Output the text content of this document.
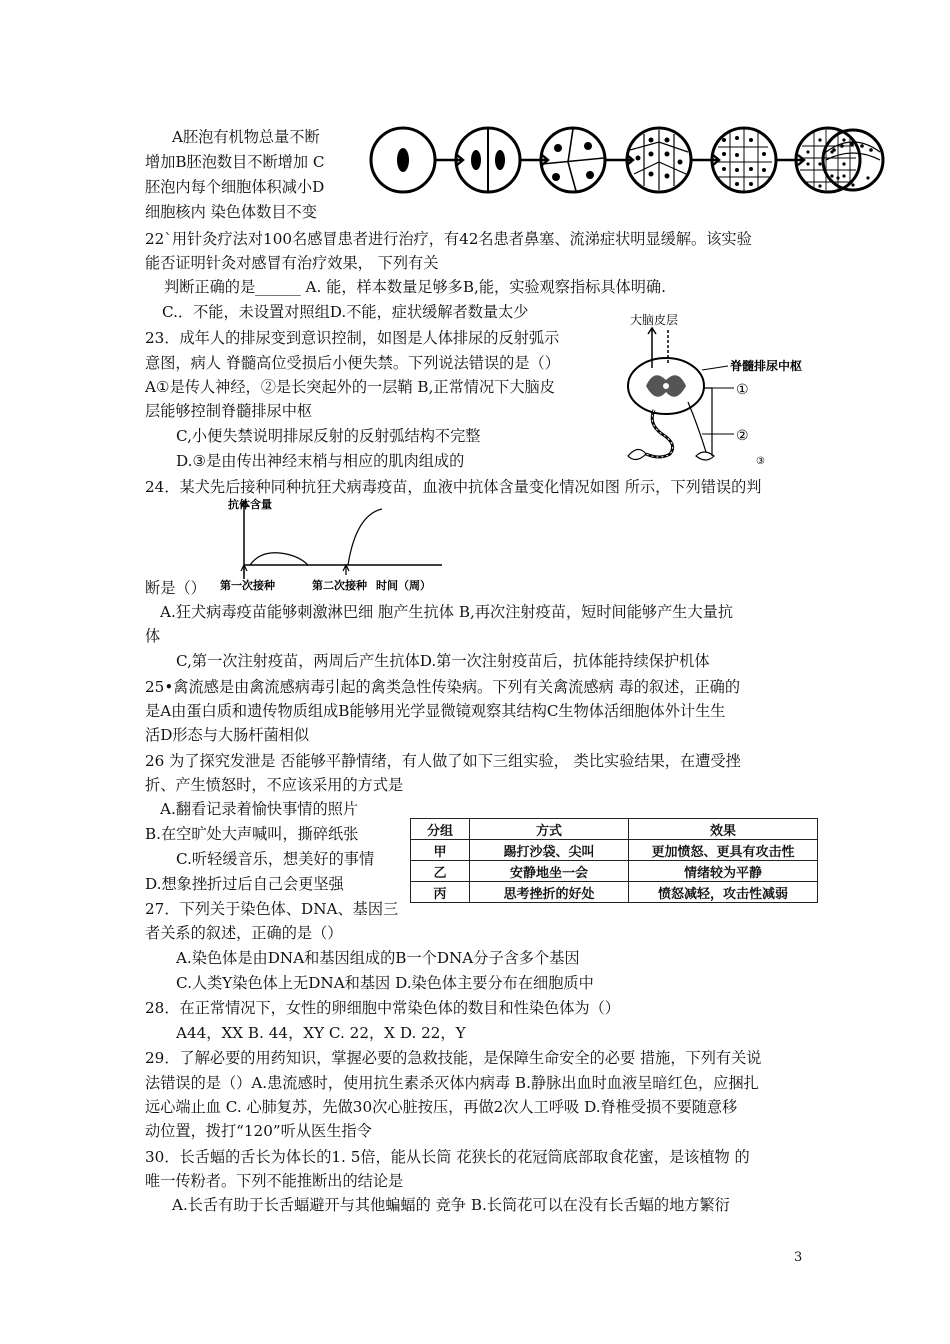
A胚泡有机物总量不断
增加B胚泡数目不断增加 C
胚泡内每个细胞体积减小D
细胞核内 染色体数目不变
22`用针灸疗法对100名感冒患者进行治疗，有42名患者鼻塞、流涕症状明显缓解。该实验
能否证明针灸对感冒有治疗效果， 下列有关
判断正确的是______ A. 能，样本数量足够多B,能，实验观察指标具体明确.
C.．不能，未设置对照组D.不能，症状缓解者数量太少
23．成年人的排尿变到意识控制，如图是人体排尿的反射弧示
意图，病人 脊髓高位受损后小便失禁。下列说法错误的是（）
A①是传人神经，②是长突起外的一层鞘 B,正常情况下大脑皮
层能够控制脊髓排尿中枢
C,小便失禁说明排尿反射的反射弧结构不完整
D.③是由传出神经末梢与相应的肌肉组成的
大脑皮层
脊髓排尿中枢
①
②
③
24．某犬先后接种同种抗狂犬病毒疫苗，血液中抗体含量变化情况如图 所示，下列错误的判
抗体含量
第一次接种	第二次接种 时间（周）
断是（）
A.狂犬病毒疫苗能够刺激淋巴细 胞产生抗体 B,再次注射疫苗，短时间能够产生大量抗
体
C,第一次注射疫苗，两周后产生抗体D.第一次注射疫苗后，抗体能持续保护机体
25•禽流感是由禽流感病毒引起的禽类急性传染病。下列有关禽流感病 毒的叙述，正确的
是A由蛋白质和遗传物质组成B能够用光学显微镜观察其结构C生物体活细胞体外计生生
活D形态与大肠杆菌相似
26 为了探究发泄是 否能够平静情绪，有人做了如下三组实验， 类比实验结果，在遭受挫
折、产生愤怒时，不应该采用的方式是
A.翻看记录着愉快事情的照片
B.在空旷处大声喊叫，撕碎纸张
C.听轻缓音乐，想美好的事情
D.想象挫折过后自己会更坚强
分组	方式	效果
甲	踢打沙袋、尖叫	更加愤怒、更具有攻击性
乙	安静地坐一会	情绪较为平静
丙	思考挫折的好处	愤怒减轻，攻击性减弱
27．下列关于染色体、DNA、基因三
者关系的叙述，正确的是（）
A.染色体是由DNA和基因组成的B一个DNA分子含多个基因
C.人类Y染色体上无DNA和基因 D.染色体主要分布在细胞质中
28．在正常情况下，女性的卵细胞中常染色体的数目和性染色体为（）
A44，XX B. 44，XY C. 22，X D. 22，Y
29．了解必要的用药知识，掌握必要的急救技能，是保障生命安全的必要 措施，下列有关说
法错误的是（）A.患流感时，使用抗生素杀灭体内病毒 B.静脉出血时血液呈暗红色，应捆扎
远心端止血 C. 心肺复苏，先做30次心脏按压，再做2次人工呼吸 D.脊椎受损不要随意移
动位置，拨打“120”听从医生指令
30．长舌蝠的舌长为体长的1. 5倍，能从长筒 花狭长的花冠筒底部取食花蜜，是该植物 的
唯一传粉者。下列不能推断出的结论是
A.长舌有助于长舌蝠避开与其他蝙蝠的 竞争 B.长筒花可以在没有长舌蝠的地方繁衍
3
